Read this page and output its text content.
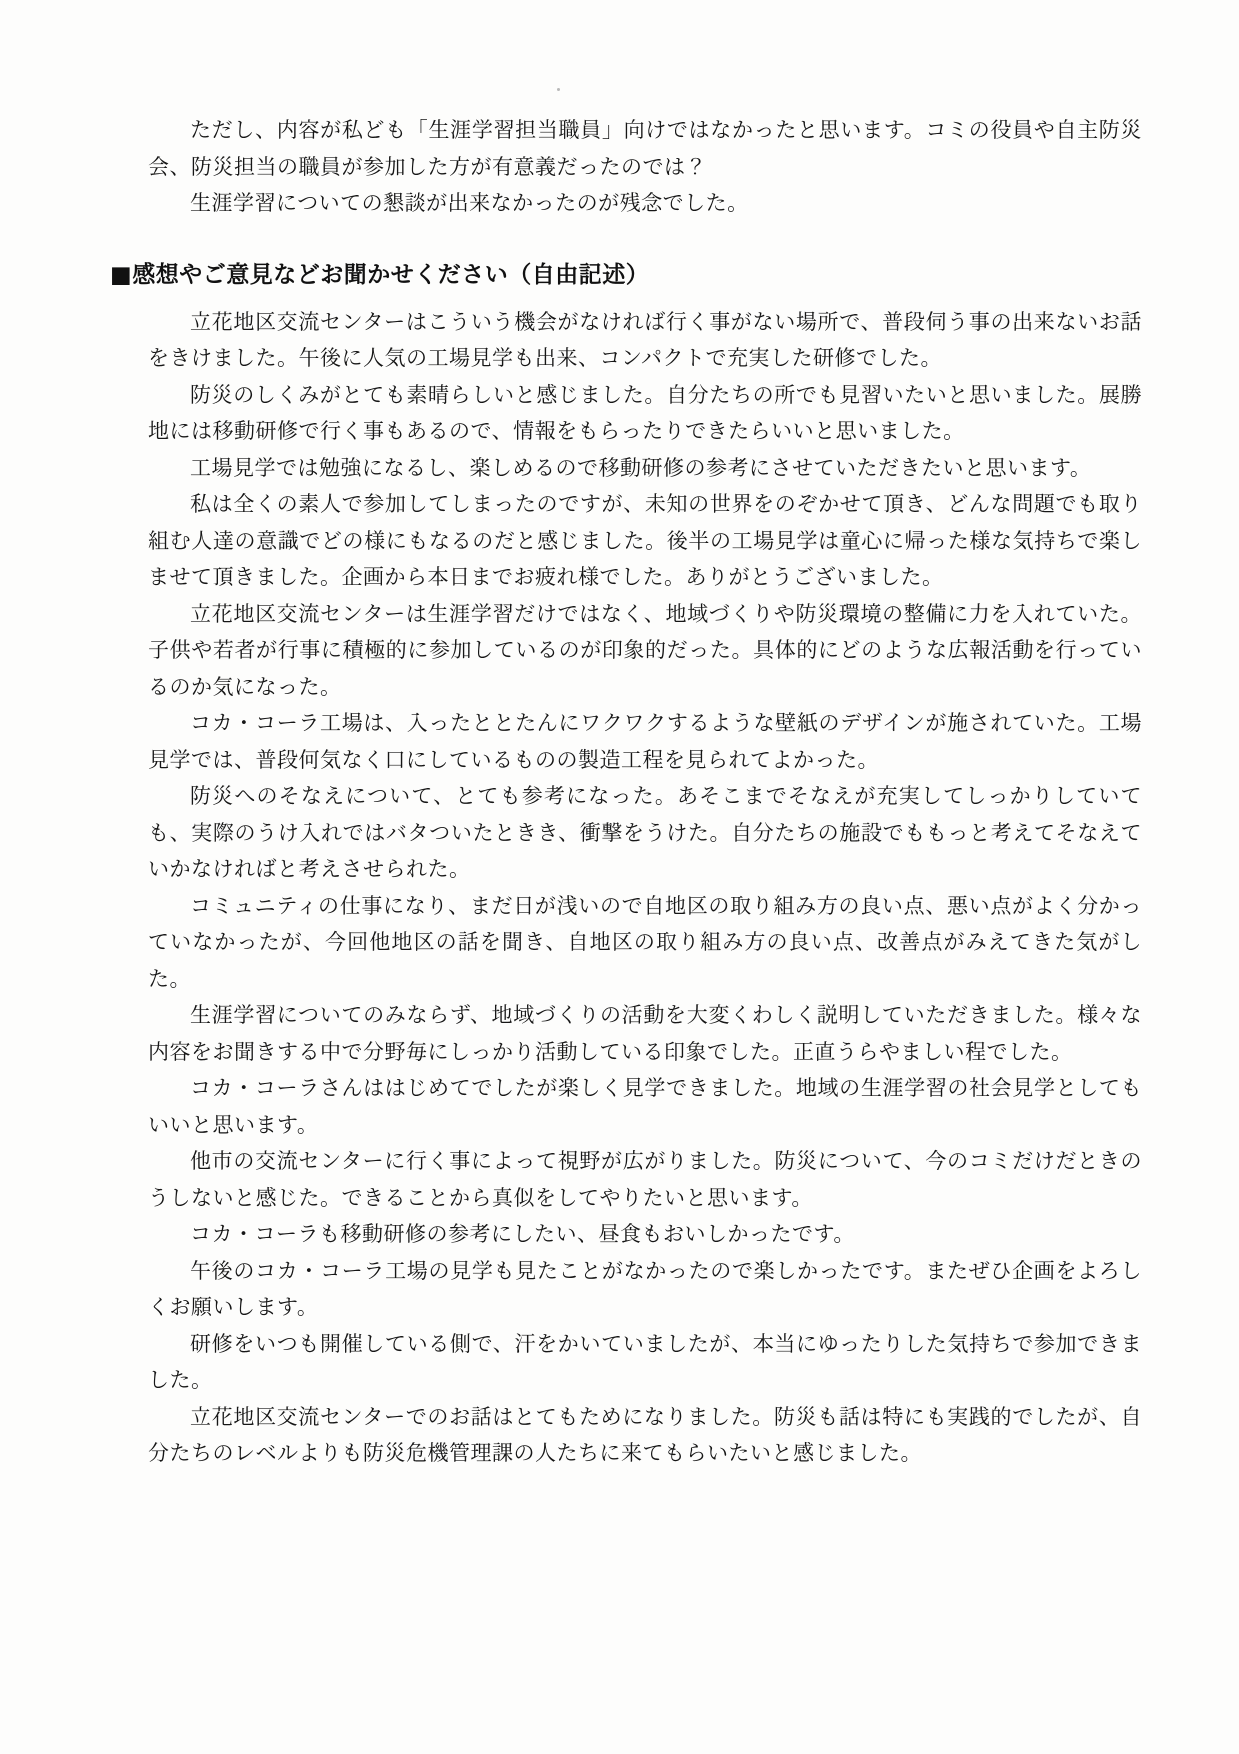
ただし、内容が私ども「生涯学習担当職員」向けではなかったと思います。コミの役員や自主防災会、防災担当の職員が参加した方が有意義だったのでは？

生涯学習についての懇談が出来なかったのが残念でした。

■感想やご意見などお聞かせください（自由記述）

立花地区交流センターはこういう機会がなければ行く事がない場所で、普段伺う事の出来ないお話をきけました。午後に人気の工場見学も出来、コンパクトで充実した研修でした。

防災のしくみがとても素晴らしいと感じました。自分たちの所でも見習いたいと思いました。展勝地には移動研修で行く事もあるので、情報をもらったりできたらいいと思いました。

工場見学では勉強になるし、楽しめるので移動研修の参考にさせていただきたいと思います。

私は全くの素人で参加してしまったのですが、未知の世界をのぞかせて頂き、どんな問題でも取り組む人達の意識でどの様にもなるのだと感じました。後半の工場見学は童心に帰った様な気持ちで楽しませて頂きました。企画から本日までお疲れ様でした。ありがとうございました。

立花地区交流センターは生涯学習だけではなく、地域づくりや防災環境の整備に力を入れていた。子供や若者が行事に積極的に参加しているのが印象的だった。具体的にどのような広報活動を行っているのか気になった。

コカ・コーラ工場は、入ったととたんにワクワクするような壁紙のデザインが施されていた。工場見学では、普段何気なく口にしているものの製造工程を見られてよかった。

防災へのそなえについて、とても参考になった。あそこまでそなえが充実してしっかりしていても、実際のうけ入れではバタついたときき、衝撃をうけた。自分たちの施設でももっと考えてそなえていかなければと考えさせられた。

コミュニティの仕事になり、まだ日が浅いので自地区の取り組み方の良い点、悪い点がよく分かっていなかったが、今回他地区の話を聞き、自地区の取り組み方の良い点、改善点がみえてきた気がした。

生涯学習についてのみならず、地域づくりの活動を大変くわしく説明していただきました。様々な内容をお聞きする中で分野毎にしっかり活動している印象でした。正直うらやましい程でした。

コカ・コーラさんははじめてでしたが楽しく見学できました。地域の生涯学習の社会見学としてもいいと思います。

他市の交流センターに行く事によって視野が広がりました。防災について、今のコミだけだときのうしないと感じた。できることから真似をしてやりたいと思います。

コカ・コーラも移動研修の参考にしたい、昼食もおいしかったです。

午後のコカ・コーラ工場の見学も見たことがなかったので楽しかったです。またぜひ企画をよろしくお願いします。

研修をいつも開催している側で、汗をかいていましたが、本当にゆったりした気持ちで参加できました。

立花地区交流センターでのお話はとてもためになりました。防災も話は特にも実践的でしたが、自分たちのレベルよりも防災危機管理課の人たちに来てもらいたいと感じました。
